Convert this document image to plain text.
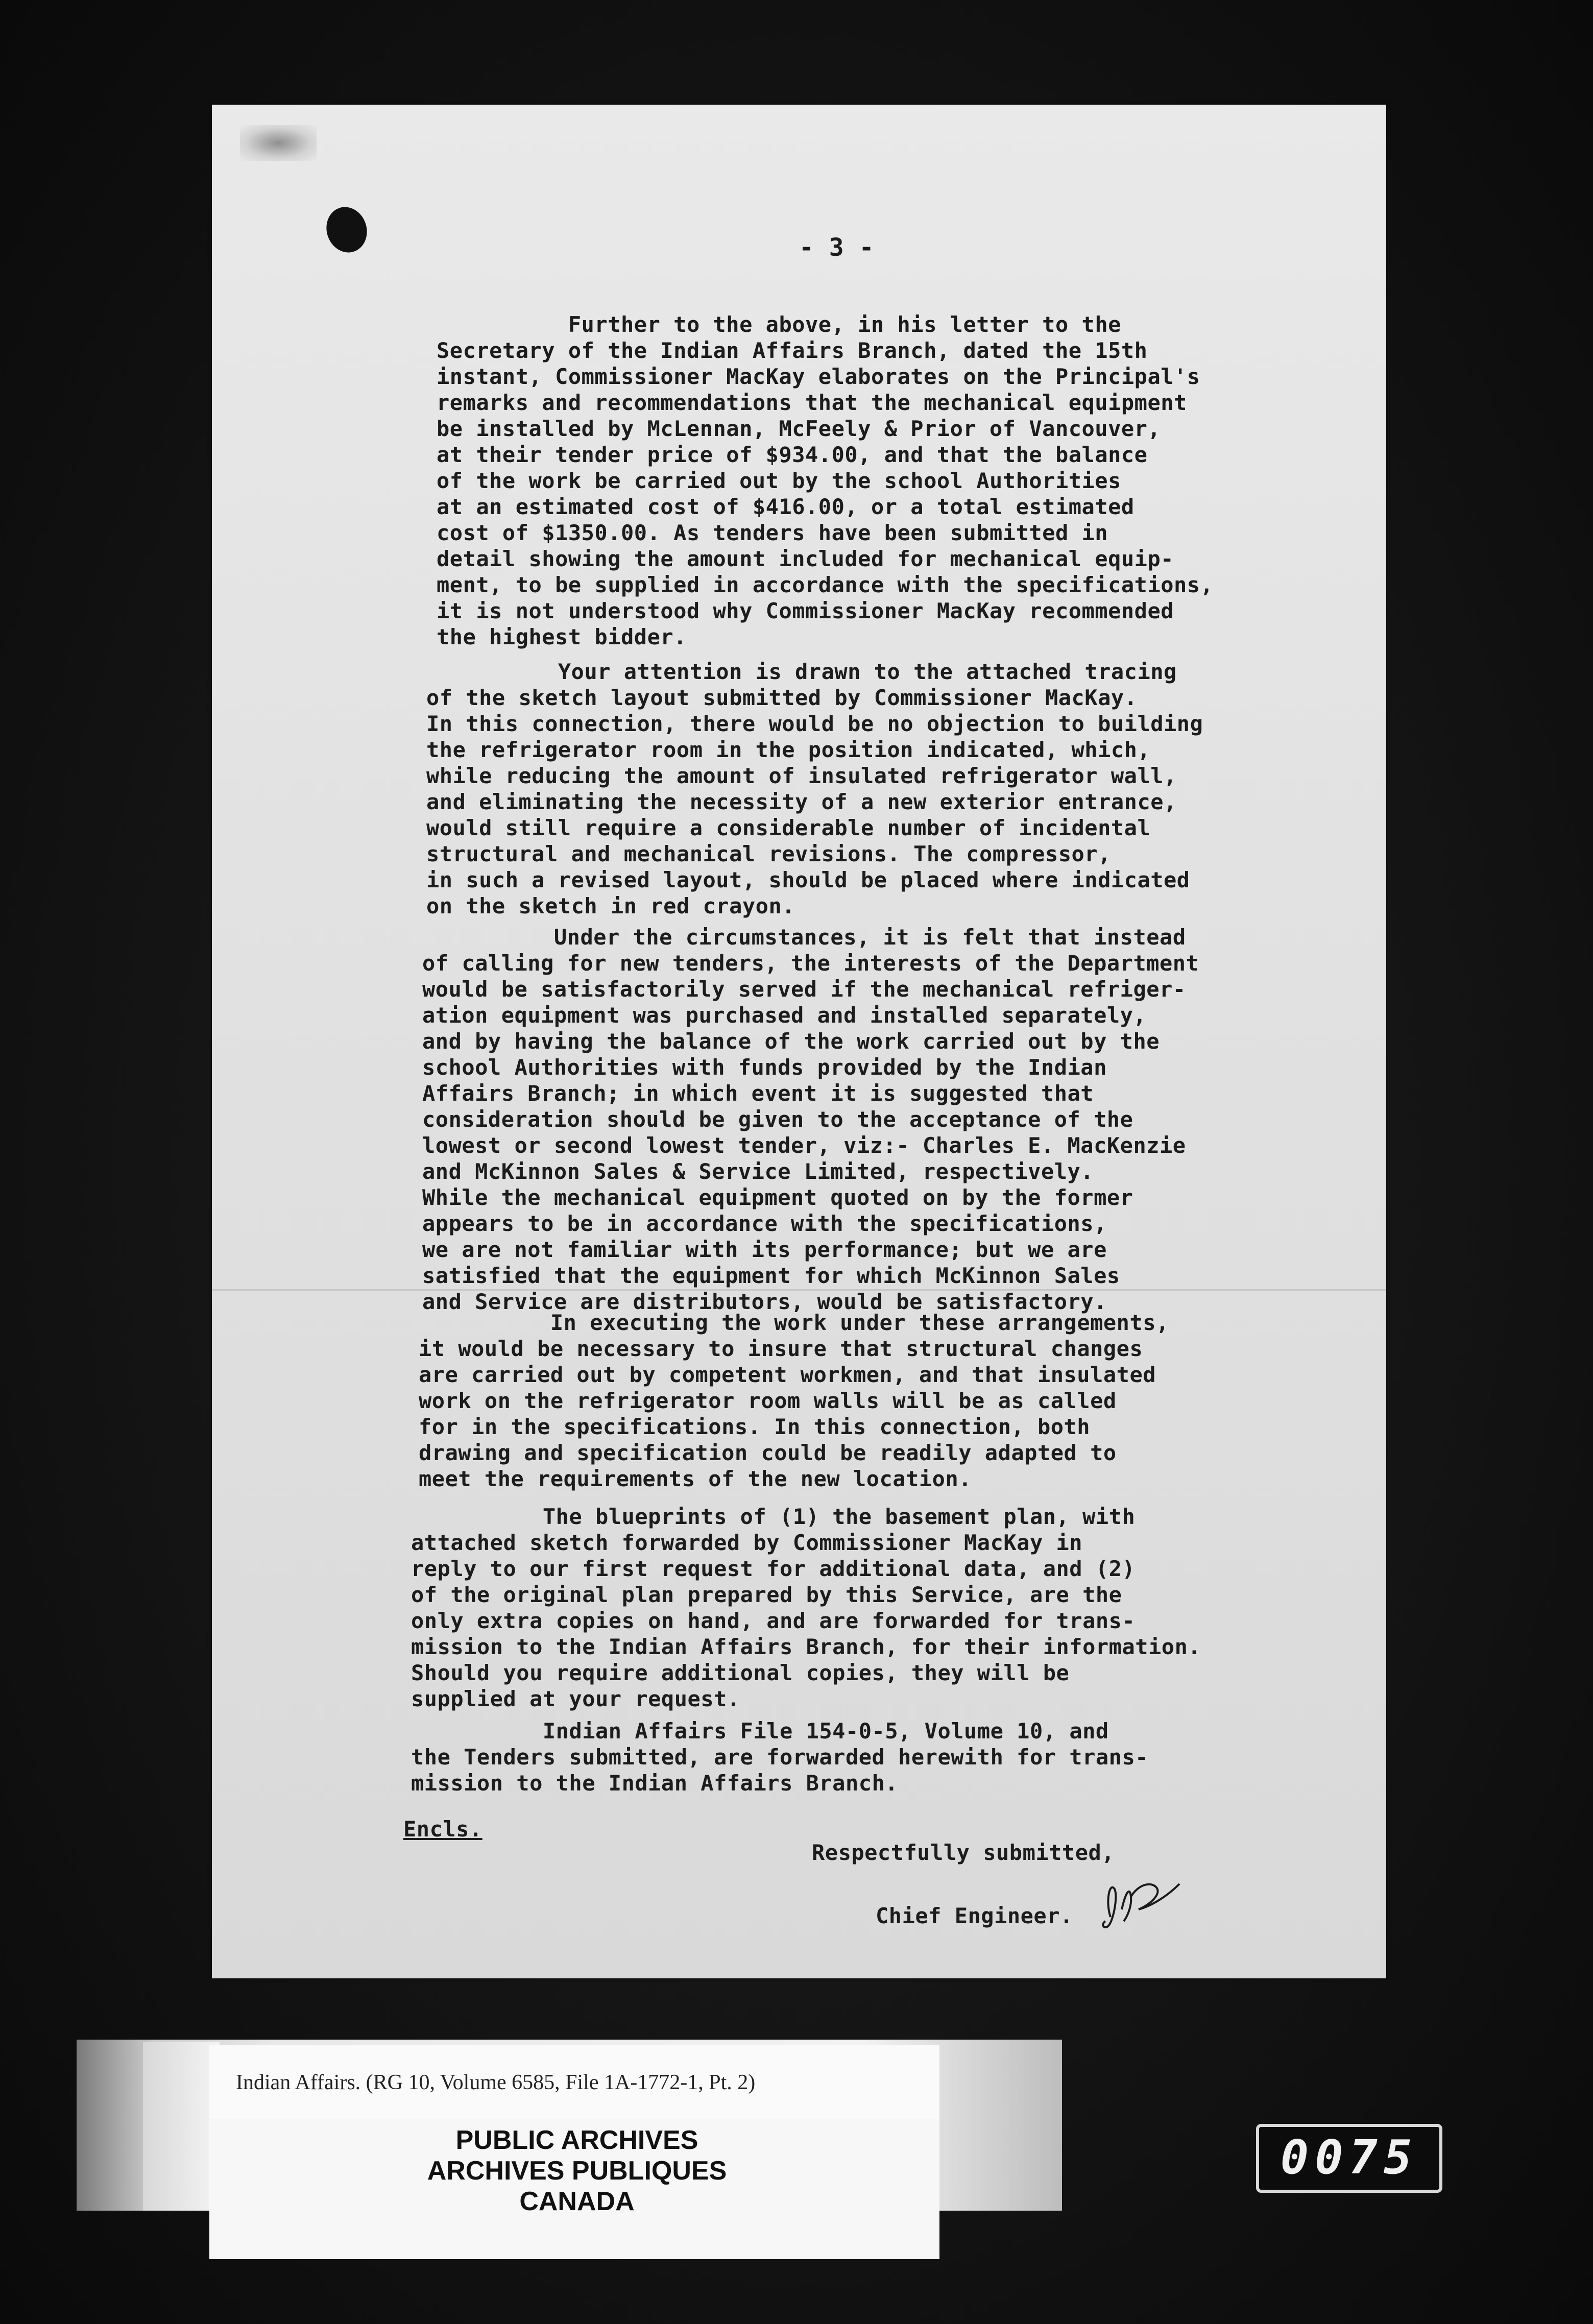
- 3 -
Further to the above, in his letter to the
Secretary of the Indian Affairs Branch, dated the 15th
instant, Commissioner MacKay elaborates on the Principal's
remarks and recommendations that the mechanical equipment
be installed by McLennan, McFeely & Prior of Vancouver,
at their tender price of $934.00, and that the balance
of the work be carried out by the school Authorities
at an estimated cost of $416.00, or a total estimated
cost of $1350.00. As tenders have been submitted in
detail showing the amount included for mechanical equip-
ment, to be supplied in accordance with the specifications,
it is not understood why Commissioner MacKay recommended
the highest bidder.
Your attention is drawn to the attached tracing
of the sketch layout submitted by Commissioner MacKay.
In this connection, there would be no objection to building
the refrigerator room in the position indicated, which,
while reducing the amount of insulated refrigerator wall,
and eliminating the necessity of a new exterior entrance,
would still require a considerable number of incidental
structural and mechanical revisions. The compressor,
in such a revised layout, should be placed where indicated
on the sketch in red crayon.
Under the circumstances, it is felt that instead
of calling for new tenders, the interests of the Department
would be satisfactorily served if the mechanical refriger-
ation equipment was purchased and installed separately,
and by having the balance of the work carried out by the
school Authorities with funds provided by the Indian
Affairs Branch; in which event it is suggested that
consideration should be given to the acceptance of the
lowest or second lowest tender, viz:- Charles E. MacKenzie
and McKinnon Sales & Service Limited, respectively.
While the mechanical equipment quoted on by the former
appears to be in accordance with the specifications,
we are not familiar with its performance; but we are
satisfied that the equipment for which McKinnon Sales
and Service are distributors, would be satisfactory.
In executing the work under these arrangements,
it would be necessary to insure that structural changes
are carried out by competent workmen, and that insulated
work on the refrigerator room walls will be as called
for in the specifications. In this connection, both
drawing and specification could be readily adapted to
meet the requirements of the new location.
The blueprints of (1) the basement plan, with
attached sketch forwarded by Commissioner MacKay in
reply to our first request for additional data, and (2)
of the original plan prepared by this Service, are the
only extra copies on hand, and are forwarded for trans-
mission to the Indian Affairs Branch, for their information.
Should you require additional copies, they will be
supplied at your request.
Indian Affairs File 154-0-5, Volume 10, and
the Tenders submitted, are forwarded herewith for trans-
mission to the Indian Affairs Branch.
Encls.
Respectfully submitted,
Chief Engineer.
Indian Affairs. (RG 10, Volume 6585, File 1A-1772-1, Pt. 2)
PUBLIC ARCHIVES
ARCHIVES PUBLIQUES
CANADA
0075
